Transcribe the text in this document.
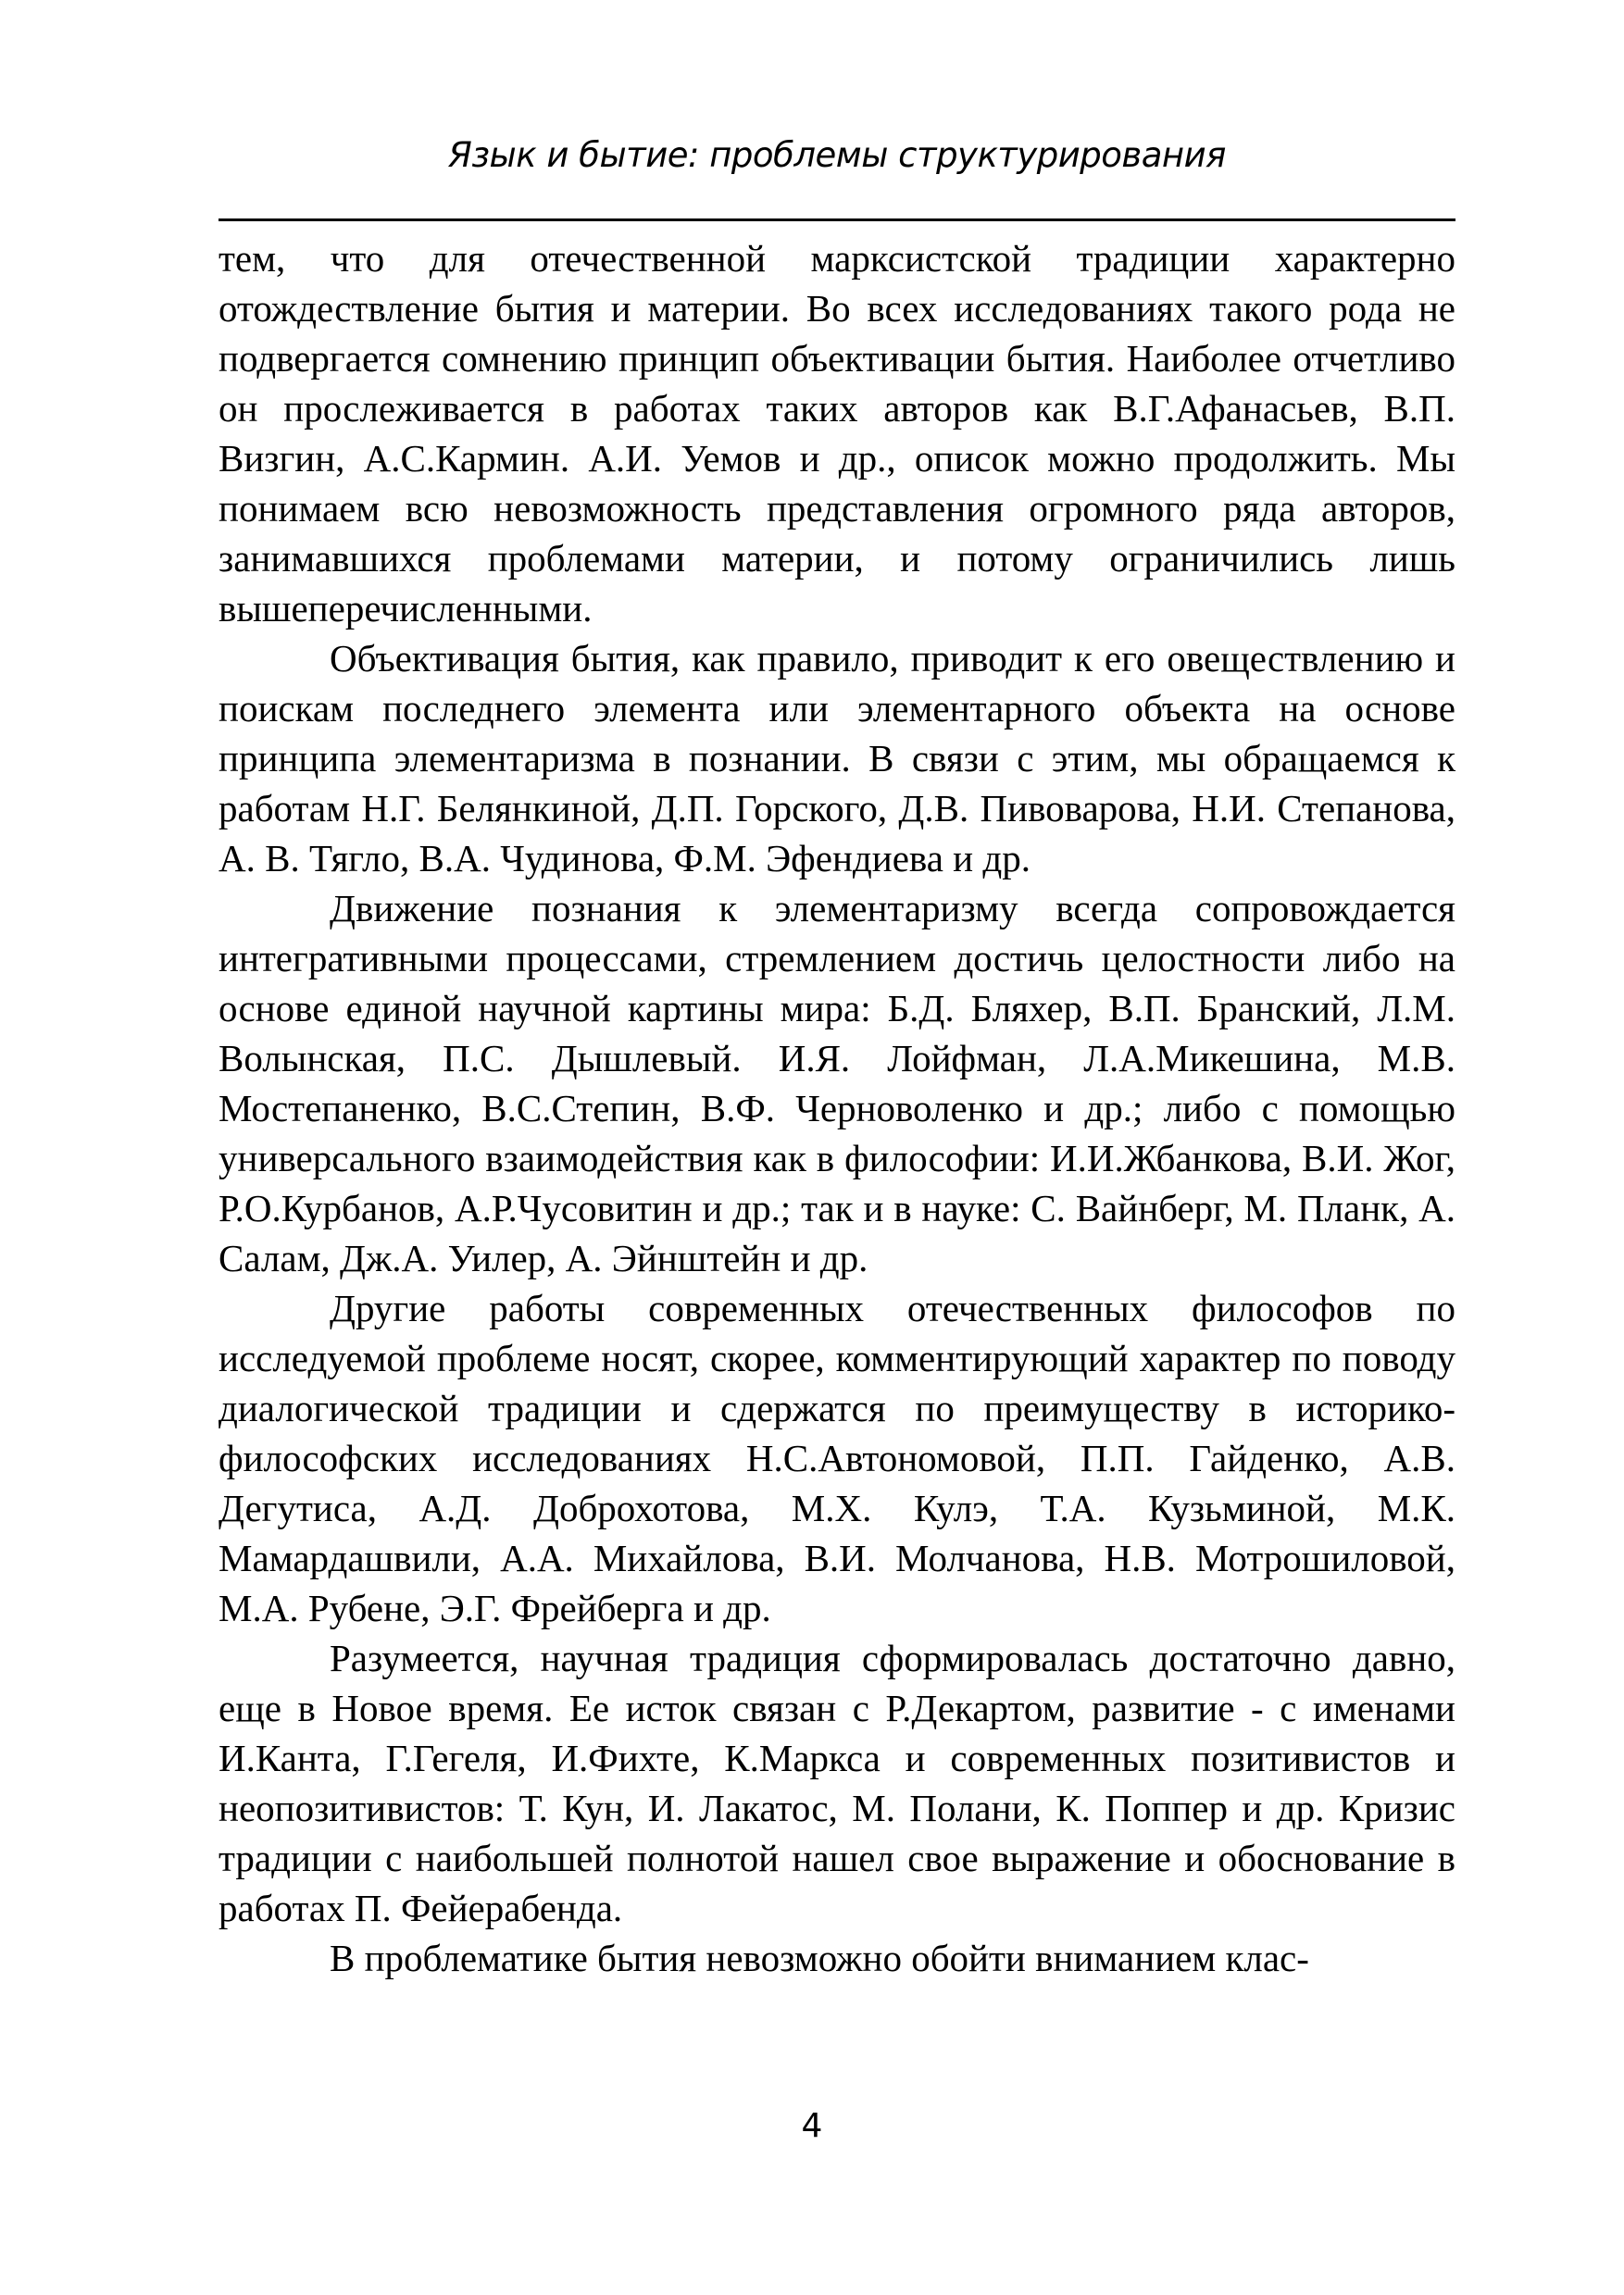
Язык и бытие: проблемы структурирования

тем, что для отечественной марксистской традиции характерно отождествление бытия и материи. Во всех исследованиях такого рода не подвергается сомнению принцип объективации бытия. Наиболее отчетливо он прослеживается в работах таких авторов как В.Г.Афанасьев, В.П. Визгин, А.С.Кармин. А.И. Уемов и др., описок можно продолжить. Мы понимаем всю невозможность представления огромного ряда авторов, занимавшихся проблемами материи, и потому ограничились лишь вышеперечисленными.

Объективация бытия, как правило, приводит к его овеществлению и поискам последнего элемента или элементарного объекта на основе принципа элементаризма в познании. В связи с этим, мы обращаемся к работам Н.Г. Белянкиной, Д.П. Горского, Д.В. Пивоварова, Н.И. Степанова, А. В. Тягло, В.А. Чудинова, Ф.М. Эфендиева и др.

Движение познания к элементаризму всегда сопровождается интегративными процессами, стремлением достичь целостности либо на основе единой научной картины мира: Б.Д. Бляхер, В.П. Бранский, Л.М. Волынская, П.С. Дышлевый. И.Я. Лойфман, Л.А.Микешина, М.В. Мостепаненко, В.С.Степин, В.Ф. Черноволенко и др.; либо с помощью универсального взаимодействия как в философии: И.И.Жбанкова, В.И. Жог, Р.О.Курбанов, А.Р.Чусовитин и др.; так и в науке: С. Вайнберг, М. Планк, А. Салам, Дж.А. Уилер, А. Эйнштейн и др.

Другие работы современных отечественных философов по исследуемой проблеме носят, скорее, комментирующий характер по поводу диалогической традиции и сдержатся по преимуществу в историко-философских исследованиях Н.С.Автономовой, П.П. Гайденко, А.В. Дегутиса, А.Д. Доброхотова, М.Х. Кулэ, Т.А. Кузьминой, М.К. Мамардашвили, А.А. Михайлова, В.И. Молчанова, Н.В. Мотрошиловой, М.А. Рубене, Э.Г. Фрейберга и др.

Разумеется, научная традиция сформировалась достаточно давно, еще в Новое время. Ее исток связан с Р.Декартом, развитие - с именами И.Канта, Г.Гегеля, И.Фихте, К.Маркса и современных позитивистов и неопозитивистов: Т. Кун, И. Лакатос, М. Полани, К. Поппер и др. Кризис традиции с наибольшей полнотой нашел свое выражение и обоснование в работах П. Фейерабенда.

В проблематике бытия невозможно обойти вниманием клас-

4
